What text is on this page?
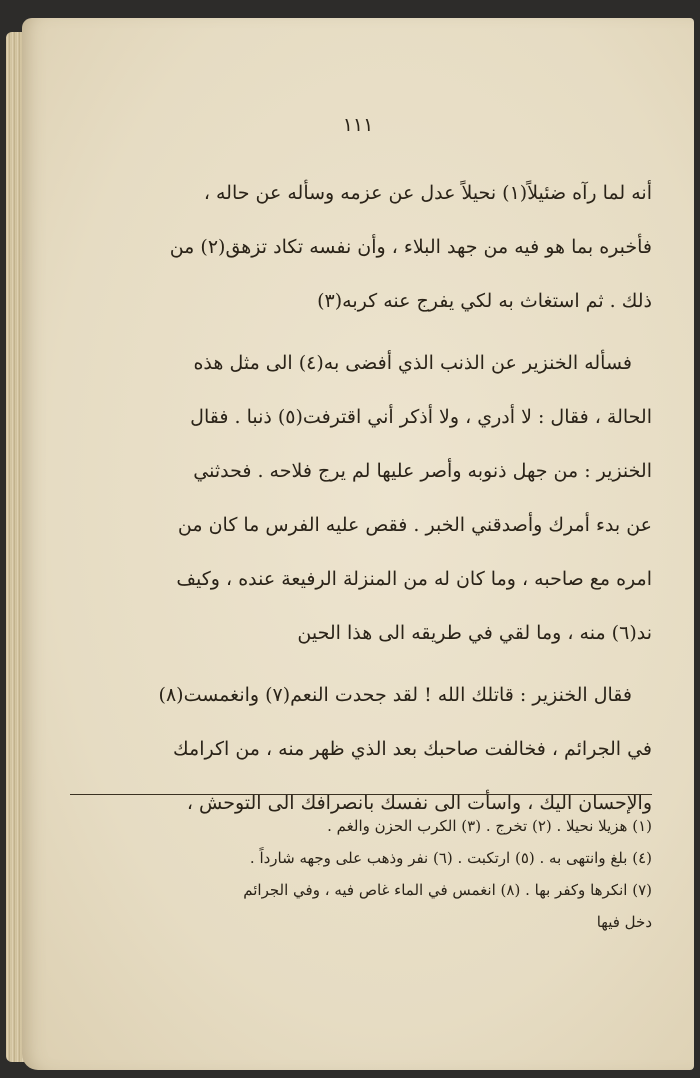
١١١
أنه لما رآه ضئيلاً(١) نحيلاً عدل عن عزمه وسأله عن حاله ،
فأخبره بما هو فيه من جهد البلاء ، وأن نفسه تكاد تزهق(٢) من
ذلك . ثم استغاث به لكي يفرج عنه كربه(٣)
فسأله الخنزير عن الذنب الذي أفضى به(٤) الى مثل هذه
الحالة ، فقال : لا أدري ، ولا أذكر أني اقترفت(٥) ذنبا . فقال
الخنزير : من جهل ذنوبه وأصر عليها لم يرج فلاحه . فحدثني
عن بدء أمرك وأصدقني الخبر . فقص عليه الفرس ما كان من
امره مع صاحبه ، وما كان له من المنزلة الرفيعة عنده ، وكيف
ند(٦) منه ، وما لقي في طريقه الى هذا الحين
فقال الخنزير : قاتلك الله ! لقد جحدت النعم(٧) وانغمست(٨)
في الجرائم ، فخالفت صاحبك بعد الذي ظهر منه ، من اكرامك
والإحسان اليك ، واسأت الى نفسك بانصرافك الى التوحش ،
(١) هزيلا نحيلا . (٢) تخرج . (٣) الكرب الحزن والغم .
(٤) بلغ وانتهى به . (٥) ارتكبت . (٦) نفر وذهب على وجهه شارداً .
(٧) انكرها وكفر بها . (٨) انغمس في الماء غاص فيه ، وفي الجرائم
دخل فيها
